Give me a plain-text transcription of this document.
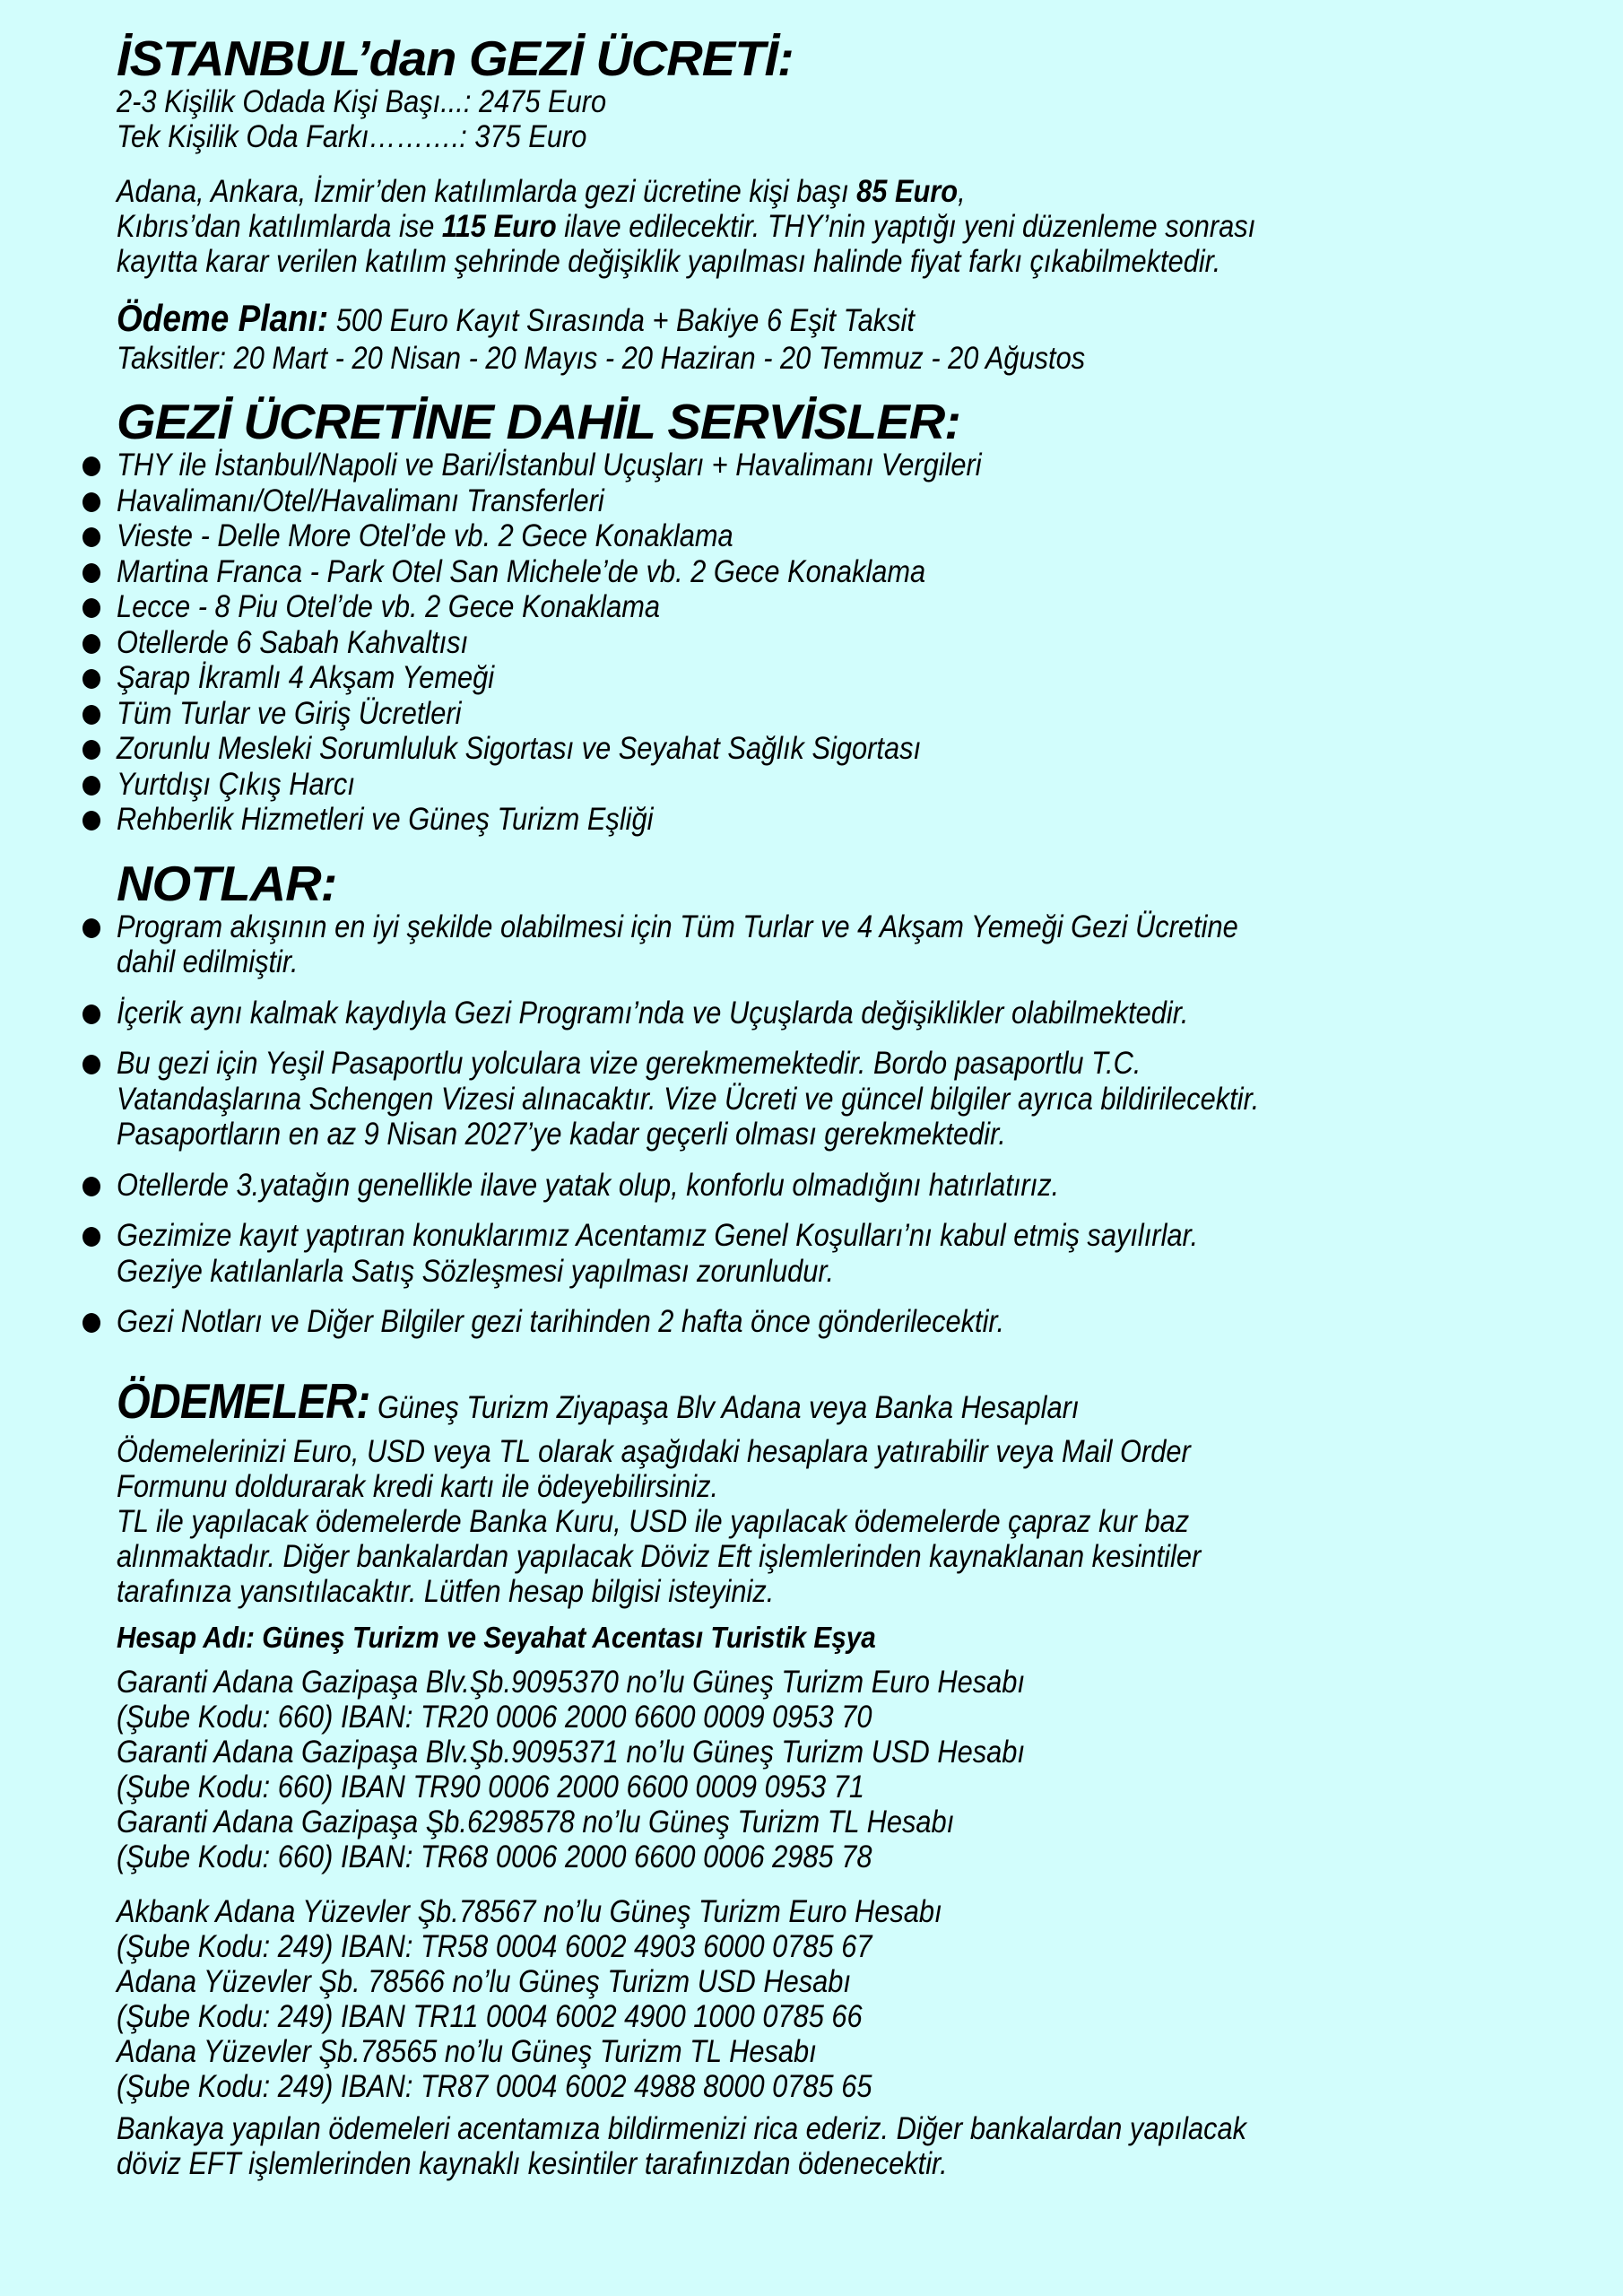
İSTANBUL’dan GEZİ ÜCRETİ:
2-3 Kişilik Odada Kişi Başı...: 2475 Euro
Tek Kişilik Oda Farkı……….: 375 Euro
Adana, Ankara, İzmir’den katılımlarda gezi ücretine kişi başı 85 Euro,
Kıbrıs’dan katılımlarda ise 115 Euro ilave edilecektir. THY’nin yaptığı yeni düzenleme sonrası
kayıtta karar verilen katılım şehrinde değişiklik yapılması halinde fiyat farkı çıkabilmektedir.
Ödeme Planı: 500 Euro Kayıt Sırasında + Bakiye 6 Eşit Taksit
Taksitler: 20 Mart - 20 Nisan - 20 Mayıs - 20 Haziran - 20 Temmuz - 20 Ağustos
GEZİ ÜCRETİNE DAHİL SERVİSLER:
THY ile İstanbul/Napoli ve Bari/İstanbul Uçuşları + Havalimanı Vergileri
Havalimanı/Otel/Havalimanı Transferleri
Vieste - Delle More Otel’de vb. 2 Gece Konaklama
Martina Franca - Park Otel San Michele’de vb. 2 Gece Konaklama
Lecce - 8 Piu Otel’de vb. 2 Gece Konaklama
Otellerde 6 Sabah Kahvaltısı
Şarap İkramlı 4 Akşam Yemeği
Tüm Turlar ve Giriş Ücretleri
Zorunlu Mesleki Sorumluluk Sigortası ve Seyahat Sağlık Sigortası
Yurtdışı Çıkış Harcı
Rehberlik Hizmetleri ve Güneş Turizm Eşliği
NOTLAR:
Program akışının en iyi şekilde olabilmesi için Tüm Turlar ve 4 Akşam Yemeği Gezi Ücretine
dahil edilmiştir.
İçerik aynı kalmak kaydıyla Gezi Programı’nda ve Uçuşlarda değişiklikler olabilmektedir.
Bu gezi için Yeşil Pasaportlu yolculara vize gerekmemektedir. Bordo pasaportlu T.C.
Vatandaşlarına Schengen Vizesi alınacaktır. Vize Ücreti ve güncel bilgiler ayrıca bildirilecektir.
Pasaportların en az 9 Nisan 2027’ye kadar geçerli olması gerekmektedir.
Otellerde 3.yatağın genellikle ilave yatak olup, konforlu olmadığını hatırlatırız.
Gezimize kayıt yaptıran konuklarımız Acentamız Genel Koşulları’nı kabul etmiş sayılırlar.
Geziye katılanlarla Satış Sözleşmesi yapılması zorunludur.
Gezi Notları ve Diğer Bilgiler gezi tarihinden 2 hafta önce gönderilecektir.
ÖDEMELER: Güneş Turizm Ziyapaşa Blv Adana veya Banka Hesapları
Ödemelerinizi Euro, USD veya TL olarak aşağıdaki hesaplara yatırabilir veya Mail Order
Formunu doldurarak kredi kartı ile ödeyebilirsiniz.
TL ile yapılacak ödemelerde Banka Kuru, USD ile yapılacak ödemelerde çapraz kur baz
alınmaktadır. Diğer bankalardan yapılacak Döviz Eft işlemlerinden kaynaklanan kesintiler
tarafınıza yansıtılacaktır. Lütfen hesap bilgisi isteyiniz.
Hesap Adı: Güneş Turizm ve Seyahat Acentası Turistik Eşya
Garanti Adana Gazipaşa Blv.Şb.9095370 no’lu Güneş Turizm Euro Hesabı
(Şube Kodu: 660) IBAN: TR20 0006 2000 6600 0009 0953 70
Garanti Adana Gazipaşa Blv.Şb.9095371 no’lu Güneş Turizm USD Hesabı
(Şube Kodu: 660) IBAN TR90 0006 2000 6600 0009 0953 71
Garanti Adana Gazipaşa Şb.6298578 no’lu Güneş Turizm TL Hesabı
(Şube Kodu: 660) IBAN: TR68 0006 2000 6600 0006 2985 78
Akbank Adana Yüzevler Şb.78567 no’lu Güneş Turizm Euro Hesabı
(Şube Kodu: 249) IBAN: TR58 0004 6002 4903 6000 0785 67
Adana Yüzevler Şb. 78566 no’lu Güneş Turizm USD Hesabı
(Şube Kodu: 249) IBAN TR11 0004 6002 4900 1000 0785 66
Adana Yüzevler Şb.78565 no’lu Güneş Turizm TL Hesabı
(Şube Kodu: 249) IBAN: TR87 0004 6002 4988 8000 0785 65
Bankaya yapılan ödemeleri acentamıza bildirmenizi rica ederiz. Diğer bankalardan yapılacak
döviz EFT işlemlerinden kaynaklı kesintiler tarafınızdan ödenecektir.
